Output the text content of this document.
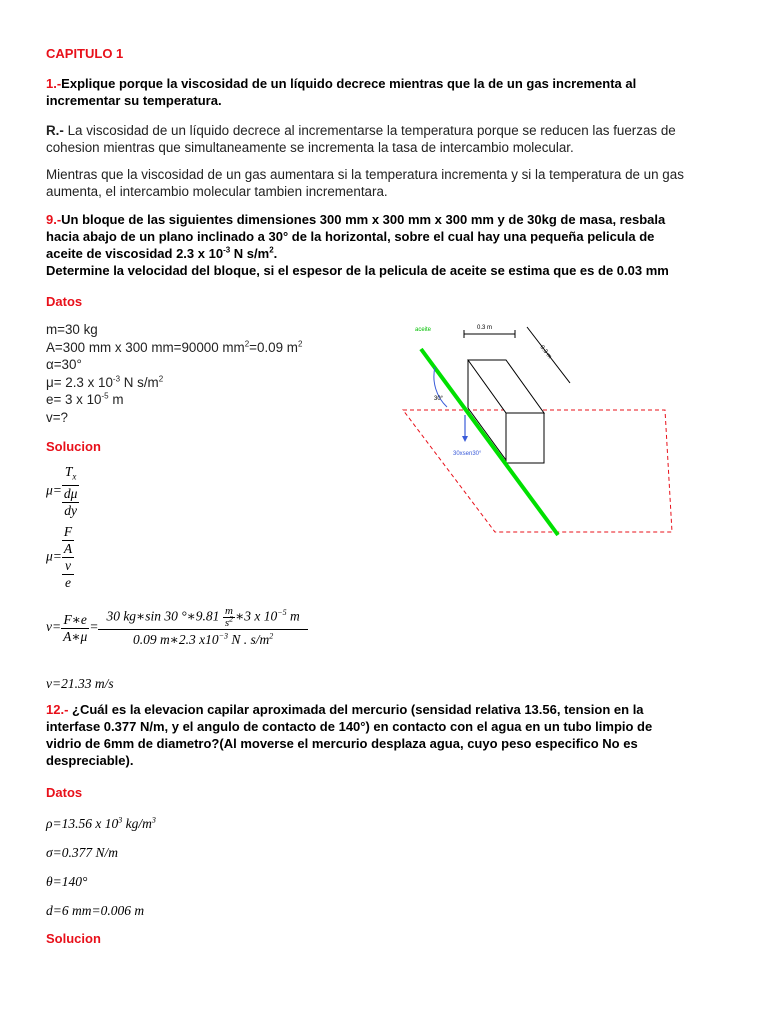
CAPITULO 1
1.-Explique porque la viscosidad de un líquido decrece mientras que la de un gas incrementa al
incrementar su temperatura.
R.- La viscosidad de un líquido decrece al incrementarse la temperatura porque se reducen las fuerzas de
cohesion mientras que simultaneamente se incrementa la tasa de intercambio molecular.
Mientras que la viscosidad de un gas aumentara si la temperatura incrementa y si la temperatura de un gas
aumenta, el intercambio molecular tambien incrementara.
9.-Un bloque de las siguientes dimensiones 300 mm x 300 mm x 300 mm y de 30kg de masa, resbala
hacia abajo de un plano inclinado a 30° de la horizontal, sobre el cual hay una pequeña pelicula de
aceite de viscosidad 2.3 x $10^{-3}$ N $s/m^2$.
Determine la velocidad del bloque, si el espesor de la pelicula de aceite se estima que es de 0.03 mm
Datos
m=30 kg
A=300 mm x 300 mm=90000 $mm^2=0.09$ $m^2$
α=30°
μ= 2.3 x $10^{-3}$ N $s/m^2$
e= 3 x $10^{-5}$ m
v=?
Solucion
μ=
$T_x$
dμ
dy
μ=
F
A
v
e
$v= \frac{F∗e}{A∗\mu} = \frac{30 kg∗\sin 30 ^\circ∗9.81 \frac{m}{s^2} ∗3 x 10^{-5} m}{0.09 m∗2.3 x10^{-3} N . s/m^2}$
v=21.33 m/s
aceite	0.3 m
0.3 m
30°
30xsen30°
12.- ¿Cuál es la elevacion capilar aproximada del mercurio (sensidad relativa 13.56, tension en la
interfase 0.377 N/m, y el angulo de contacto de 140°) en contacto con el agua en un tubo limpio de
vidrio de 6mm de diametro?(Al moverse el mercurio desplaza agua, cuyo peso especifico No es
despreciable).
Datos
ρ=13.56 x $10^3$ $kg/m^3$
σ=0.377 N/m
θ=140°
d=6 mm=0.006 m
Solucion
